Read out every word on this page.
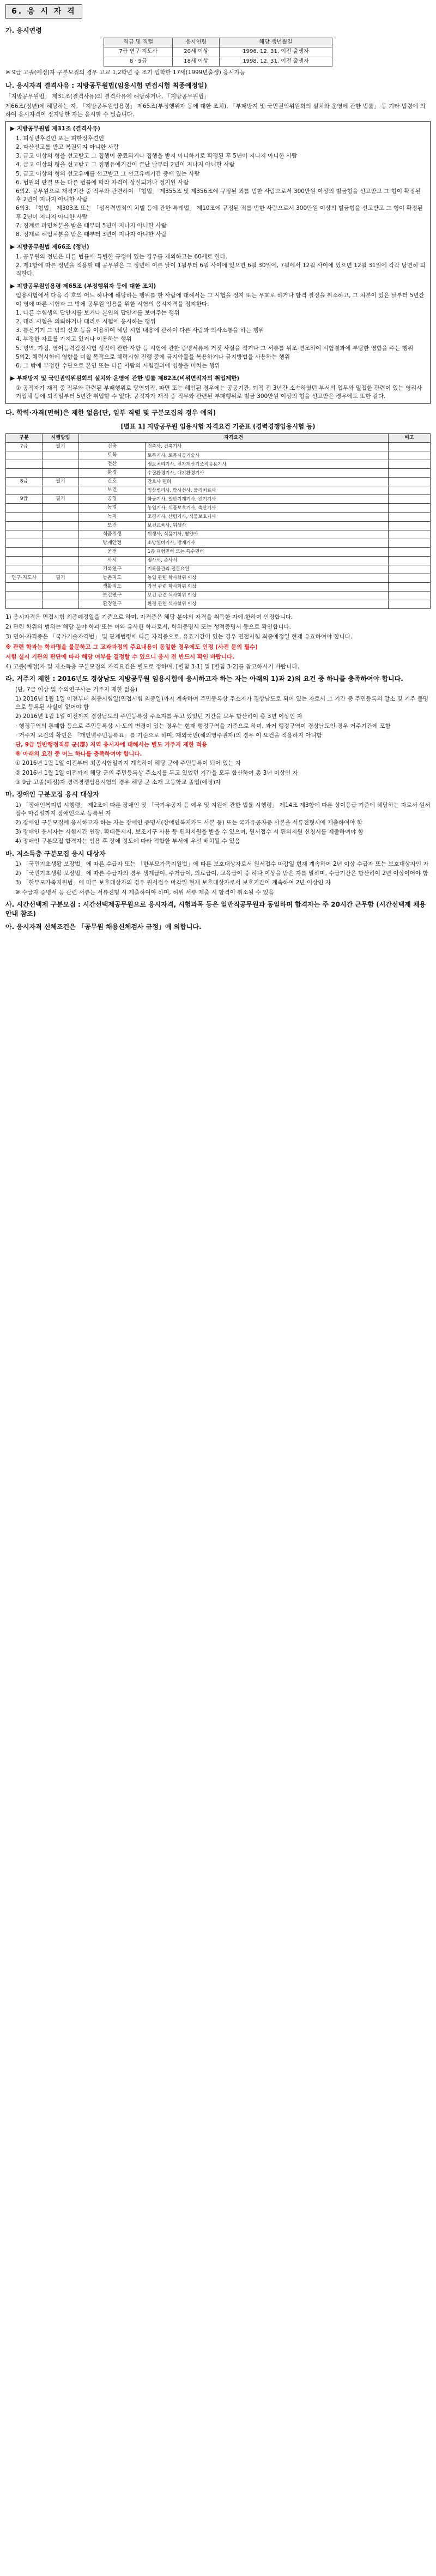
6. 응 시 자 격
가. 응시연령
직급 및 직렬	응시연령	해당 생년월일
7급 연구·지도사	20세 이상	1996. 12. 31. 이전 출생자
8 · 9급	18세 이상	1998. 12. 31. 이전 출생자
※ 9급 고졸(예정)자 구분모집의 경우 고교 1,2학년 중 조기 입학한 17세(1999년출생) 응시가능
나. 응시자격 결격사유 : 지방공무원법(임용시험 면접시험 최종예정일)
「지방공무원법」 제31조(결격사유)의 결격사유에 해당하거나, 「지방공무원법」
제66조(정년)에 해당하는 자, 「지방공무원임용령」 제65조(부정행위자 등에 대한 조치), 「부패방지 및 국민권익위원회의 설치와 운영에 관한 법률」 등 기타 법령에 의하여 응시자격이 정지당한 자는 응시할 수 없습니다.
▶ 지방공무원법 제31조 (결격사유)
1. 피성년후견인 또는 피한정후견인
2. 파산선고를 받고 복권되지 아니한 사람
3. 금고 이상의 형을 선고받고 그 집행이 종료되거나 집행을 받지 아니하기로 확정된 후 5년이 지나지 아니한 사람
4. 금고 이상의 형을 선고받고 그 집행유예기간이 끝난 날부터 2년이 지나지 아니한 사람
5. 금고 이상의 형의 선고유예를 선고받고 그 선고유예기간 중에 있는 사람
6. 법원의 판결 또는 다른 법률에 따라 자격이 상실되거나 정지된 사람
6의2. 공무원으로 재직기간 중 직무와 관련하여 「형법」 제355조 및 제356조에 규정된 죄를 범한 사람으로서 300만원 이상의 벌금형을 선고받고 그 형이 확정된 후 2년이 지나지 아니한 사람
6의3. 「형법」 제303조 또는 「성폭력범죄의 처벌 등에 관한 특례법」 제10조에 규정된 죄를 범한 사람으로서 300만원 이상의 벌금형을 선고받고 그 형이 확정된 후 2년이 지나지 아니한 사람
7. 징계로 파면처분을 받은 때부터 5년이 지나지 아니한 사람
8. 징계로 해임처분을 받은 때부터 3년이 지나지 아니한 사람
▶ 지방공무원법 제66조 (정년)
1. 공무원의 정년은 다른 법률에 특별한 규정이 있는 경우를 제외하고는 60세로 한다.
2. 제1항에 따른 정년을 적용할 때 공무원은 그 정년에 이른 날이 1월부터 6월 사이에 있으면 6월 30일에, 7월에서 12월 사이에 있으면 12월 31일에 각각 당연히 퇴직한다.
▶ 지방공무원임용령 제65조 (부정행위자 등에 대한 조치)
임용시험에서 다음 각 호의 어느 하나에 해당하는 행위를 한 사람에 대해서는 그 시험을 정지 또는 무효로 하거나 합격 결정을 취소하고, 그 처분이 있은 날부터 5년간 이 영에 따른 시험과 그 밖에 공무원 임용을 위한 시험의 응시자격을 정지한다.
1. 다른 수험생의 답안지를 보거나 본인의 답안지를 보여주는 행위
2. 대리 시험을 의뢰하거나 대리로 시험에 응시하는 행위
3. 통신기기 그 밖의 신호 등을 이용하여 해당 시험 내용에 관하여 다른 사람과 의사소통을 하는 행위
4. 부정한 자료를 가지고 있거나 이용하는 행위
5. 병역, 가점, 영어능력검정시험 성적에 관한 사항 등 시험에 관한 증명서류에 거짓 사실을 적거나 그 서류를 위조·변조하여 시험결과에 부당한 영향을 주는 행위
5의2. 체력시험에 영향을 미칠 목적으로 체력시험 진행 중에 금지약물을 복용하거나 금지방법을 사용하는 행위
6. 그 밖에 부정한 수단으로 본인 또는 다른 사람의 시험결과에 영향을 미치는 행위
▶ 부패방지 및 국민권익위원회의 설치와 운영에 관한 법률 제82조(비위면직자의 취업제한)
① 공직자가 재직 중 직무와 관련된 부패행위로 당연퇴직, 파면 또는 해임된 경우에는 공공기관, 퇴직 전 3년간 소속하였던 부서의 업무와 밀접한 관련이 있는 영리사기업체 등에 퇴직일부터 5년간 취업할 수 없다. 공직자가 재직 중 직무와 관련된 부패행위로 벌금 300만원 이상의 형을 선고받은 경우에도 또한 같다.
다. 학력·자격(면허)은 제한 없음(단, 일부 직렬 및 구분모집의 경우 예외)
[별표 1] 지방공무원 임용시험 자격요건 기준표 (경력경쟁임용시험 등)
구분	시행방법	자격요건		비고
7급	필기	건축	건축사, 건축기사	
		토목	토목기사, 토목시공기술사	
		전산	정보처리기사, 전자계산기조직응용기사	
		환경	수질환경기사, 대기환경기사	
8급	필기	간호	간호사 면허	
		보건	임상병리사, 방사선사, 물리치료사	
9급	필기	공업	화공기사, 일반기계기사, 전기기사	
		농업	농업기사, 식물보호기사, 축산기사	
		녹지	조경기사, 산림기사, 식물보호기사	
		보건	보건교육사, 위생사	
		식품위생	위생사, 식품기사, 영양사	
		방재안전	소방설비기사, 방재기사	
		운전	1종 대형면허 또는 특수면허	
		사서	정사서, 준사서	
		기록연구	기록물관리 전문요원	
연구·지도사	필기	농촌지도	농업 관련 학사학위 이상	
		생활지도	가정 관련 학사학위 이상	
		보건연구	보건 관련 석사학위 이상	
		환경연구	환경 관련 석사학위 이상	
1) 응시자격은 면접시험 최종예정일을 기준으로 하며, 자격증은 해당 분야의 자격을 취득한 자에 한하여 인정합니다.
2) 관련 학위의 범위는 해당 분야 학과 또는 이와 유사한 학과로서, 학위증명서 또는 성적증명서 등으로 확인합니다.
3) 면허·자격증은 「국가기술자격법」 및 관계법령에 따른 자격증으로, 유효기간이 있는 경우 면접시험 최종예정일 현재 유효하여야 합니다.
※ 관련 학과는 학과명을 불문하고 그 교과과정의 주요내용이 동일한 경우에도 인정 (사전 문의 필수)
시험 실시 기관의 판단에 따라 해당 여부를 결정할 수 있으니 응시 전 반드시 확인 바랍니다.
4) 고졸(예정)자 및 저소득층 구분모집의 자격요건은 별도로 정하며, [별첨 3-1] 및 [별첨 3-2]를 참고하시기 바랍니다.
라. 거주지 제한 : 2016년도 경상남도 지방공무원 임용시험에 응시하고자 하는 자는 아래의 1)과 2)의 요건 중 하나를 충족하여야 합니다.
(단, 7급 이상 및 수의연구사는 거주지 제한 없음)
1) 2016년 1월 1일 이전부터 최종시험일(면접시험 최종일)까지 계속하여 주민등록상 주소지가 경상남도로 되어 있는 자로서 그 기간 중 주민등록의 말소 및 거주 불명으로 등록된 사실이 없어야 함
2) 2016년 1월 1일 이전까지 경상남도의 주민등록상 주소지를 두고 있었던 기간을 모두 합산하여 총 3년 이상인 자
· 행정구역의 통폐합 등으로 주민등록상 시·도의 변경이 있는 경우는 현재 행정구역을 기준으로 하며, 과거 행정구역이 경상남도인 경우 거주기간에 포함
· 거주지 요건의 확인은 「개인별주민등록표」를 기준으로 하며, 재외국민(해외영주권자)의 경우 이 요건을 적용하지 아니함
단, 9급 일반행정직류 군(郡) 지역 응시자에 대해서는 별도 거주지 제한 적용
※ 아래의 요건 중 어느 하나를 충족하여야 합니다.
① 2016년 1월 1일 이전부터 최종시험일까지 계속하여 해당 군에 주민등록이 되어 있는 자
② 2016년 1월 1일 이전까지 해당 군의 주민등록상 주소지를 두고 있었던 기간을 모두 합산하여 총 3년 이상인 자
③ 9급 고졸(예정)자 경력경쟁임용시험의 경우 해당 군 소재 고등학교 졸업(예정)자
마. 장애인 구분모집 응시 대상자
1) 「장애인복지법 시행령」 제2조에 따른 장애인 및 「국가유공자 등 예우 및 지원에 관한 법률 시행령」 제14조 제3항에 따른 상이등급 기준에 해당하는 자로서 원서접수 마감일까지 장애인으로 등록된 자
2) 장애인 구분모집에 응시하고자 하는 자는 장애인 증명서(장애인복지카드 사본 등) 또는 국가유공자증 사본을 서류전형시에 제출하여야 함
3) 장애인 응시자는 시험시간 연장, 확대문제지, 보조기구 사용 등 편의지원을 받을 수 있으며, 원서접수 시 편의지원 신청서를 제출하여야 함
4) 장애인 구분모집 합격자는 임용 후 장애 정도에 따라 적합한 부서에 우선 배치될 수 있음
바. 저소득층 구분모집 응시 대상자
1) 「국민기초생활 보장법」에 따른 수급자 또는 「한부모가족지원법」에 따른 보호대상자로서 원서접수 마감일 현재 계속하여 2년 이상 수급자 또는 보호대상자인 자
2) 「국민기초생활 보장법」에 따른 수급자의 경우 생계급여, 주거급여, 의료급여, 교육급여 중 하나 이상을 받은 자를 말하며, 수급기간은 합산하여 2년 이상이어야 함
3) 「한부모가족지원법」에 따른 보호대상자의 경우 원서접수 마감일 현재 보호대상자로서 보호기간이 계속하여 2년 이상인 자
※ 수급자 증명서 등 관련 서류는 서류전형 시 제출하여야 하며, 허위 서류 제출 시 합격이 취소될 수 있음
사. 시간선택제 구분모집 : 시간선택제공무원으로 응시자격, 시험과목 등은 일반직공무원과 동일하며 합격자는 주 20시간 근무함 (시간선택제 채용 안내 참조)
아. 응시자격 신체조건은 「공무원 채용신체검사 규정」에 의합니다.
